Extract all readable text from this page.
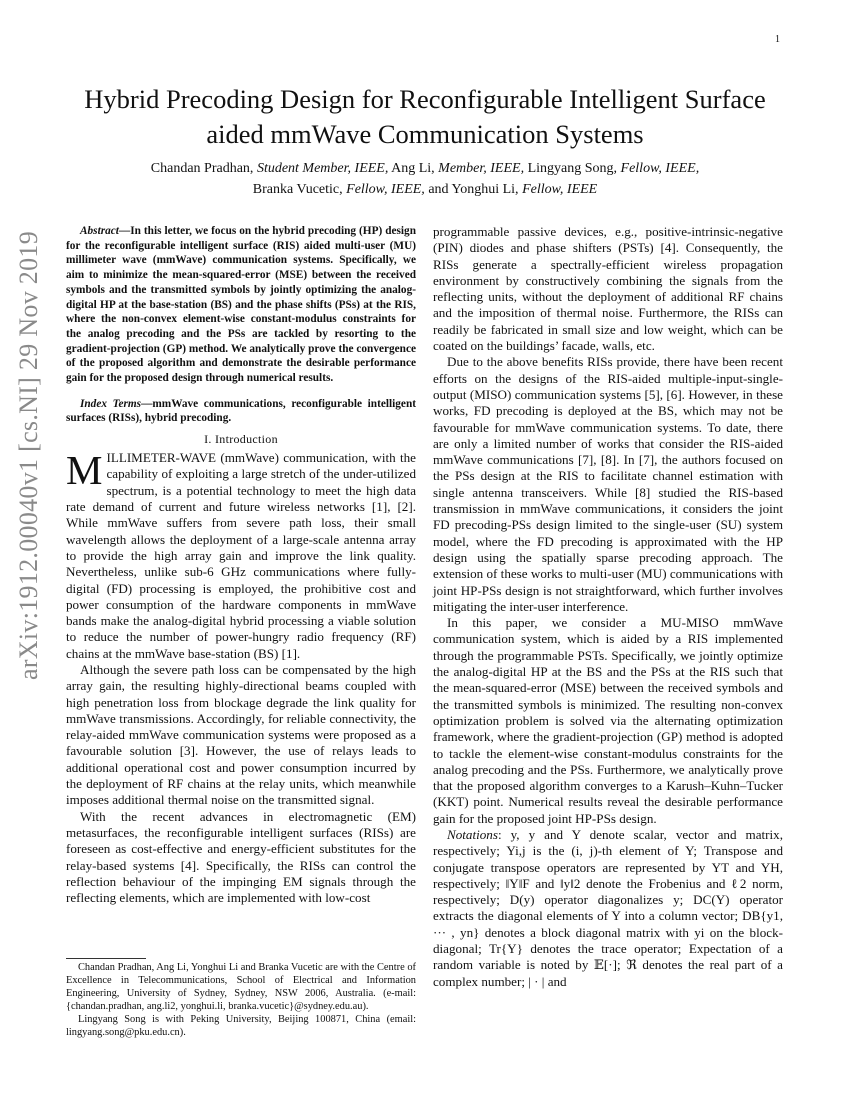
1
arXiv:1912.00040v1 [cs.NI] 29 Nov 2019
Hybrid Precoding Design for Reconfigurable Intelligent Surface aided mmWave Communication Systems
Chandan Pradhan, Student Member, IEEE, Ang Li, Member, IEEE, Lingyang Song, Fellow, IEEE,
Branka Vucetic, Fellow, IEEE, and Yonghui Li, Fellow, IEEE

Abstract—In this letter, we focus on the hybrid precoding (HP) design for the reconfigurable intelligent surface (RIS) aided multi-user (MU) millimeter wave (mmWave) communication systems. Specifically, we aim to minimize the mean-squared-error (MSE) between the received symbols and the transmitted symbols by jointly optimizing the analog-digital HP at the base-station (BS) and the phase shifts (PSs) at the RIS, where the non-convex element-wise constant-modulus constraints for the analog precoding and the PSs are tackled by resorting to the gradient-projection (GP) method. We analytically prove the convergence of the proposed algorithm and demonstrate the desirable performance gain for the proposed design through numerical results.

Index Terms—mmWave communications, reconfigurable intelligent surfaces (RISs), hybrid precoding.

I. Introduction

MILLIMETER-WAVE (mmWave) communication, with the capability of exploiting a large stretch of the under-utilized spectrum, is a potential technology to meet the high data rate demand of current and future wireless networks [1], [2]. While mmWave suffers from severe path loss, their small wavelength allows the deployment of a large-scale antenna array to provide the high array gain and improve the link quality. Nevertheless, unlike sub-6 GHz communications where fully-digital (FD) processing is employed, the prohibitive cost and power consumption of the hardware components in mmWave bands make the analog-digital hybrid processing a viable solution to reduce the number of power-hungry radio frequency (RF) chains at the mmWave base-station (BS) [1].

Although the severe path loss can be compensated by the high array gain, the resulting highly-directional beams coupled with high penetration loss from blockage degrade the link quality for mmWave transmissions. Accordingly, for reliable connectivity, the relay-aided mmWave communication systems were proposed as a favourable solution [3]. However, the use of relays leads to additional operational cost and power consumption incurred by the deployment of RF chains at the relay units, which meanwhile imposes additional thermal noise on the transmitted signal.

With the recent advances in electromagnetic (EM) metasurfaces, the reconfigurable intelligent surfaces (RISs) are foreseen as cost-effective and energy-efficient substitutes for the relay-based systems [4]. Specifically, the RISs can control the reflection behaviour of the impinging EM signals through the reflecting elements, which are implemented with low-cost

programmable passive devices, e.g., positive-intrinsic-negative (PIN) diodes and phase shifters (PSTs) [4]. Consequently, the RISs generate a spectrally-efficient wireless propagation environment by constructively combining the signals from the reflecting units, without the deployment of additional RF chains and the imposition of thermal noise. Furthermore, the RISs can readily be fabricated in small size and low weight, which can be coated on the buildings’ facade, walls, etc.

Due to the above benefits RISs provide, there have been recent efforts on the designs of the RIS-aided multiple-input-single-output (MISO) communication systems [5], [6]. However, in these works, FD precoding is deployed at the BS, which may not be favourable for mmWave communication systems. To date, there are only a limited number of works that consider the RIS-aided mmWave communications [7], [8]. In [7], the authors focused on the PSs design at the RIS to facilitate channel estimation with single antenna transceivers. While [8] studied the RIS-based transmission in mmWave communications, it considers the joint FD precoding-PSs design limited to the single-user (SU) system model, where the FD precoding is approximated with the HP design using the spatially sparse precoding approach. The extension of these works to multi-user (MU) communications with joint HP-PSs design is not straightforward, which further involves mitigating the inter-user interference.

In this paper, we consider a MU-MISO mmWave communication system, which is aided by a RIS implemented through the programmable PSTs. Specifically, we jointly optimize the analog-digital HP at the BS and the PSs at the RIS such that the mean-squared-error (MSE) between the received symbols and the transmitted symbols is minimized. The resulting non-convex optimization problem is solved via the alternating optimization framework, where the gradient-projection (GP) method is adopted to tackle the element-wise constant-modulus constraints for the analog precoding and the PSs. Furthermore, we analytically prove that the proposed algorithm converges to a Karush–Kuhn–Tucker (KKT) point. Numerical results reveal the desirable performance gain for the proposed joint HP-PSs design.

Notations: y, y and Y denote scalar, vector and matrix, respectively; Yi,j is the (i, j)-th element of Y; Transpose and conjugate transpose operators are represented by YT and YH, respectively; ‖Y‖F and ‖y‖2 denote the Frobenius and ℓ2 norm, respectively; D(y) operator diagonalizes y; DC(Y) operator extracts the diagonal elements of Y into a column vector; DB{y1, ··· , yn} denotes a block diagonal matrix with yi on the block-diagonal; Tr{Y} denotes the trace operator; Expectation of a random variable is noted by 𝔼[·]; ℜ denotes the real part of a complex number; | · | and

Chandan Pradhan, Ang Li, Yonghui Li and Branka Vucetic are with the Centre of Excellence in Telecommunications, School of Electrical and Information Engineering, University of Sydney, Sydney, NSW 2006, Australia. (e-mail: {chandan.pradhan, ang.li2, yonghui.li, branka.vucetic}@sydney.edu.au).

Lingyang Song is with Peking University, Beijing 100871, China (email: lingyang.song@pku.edu.cn).
